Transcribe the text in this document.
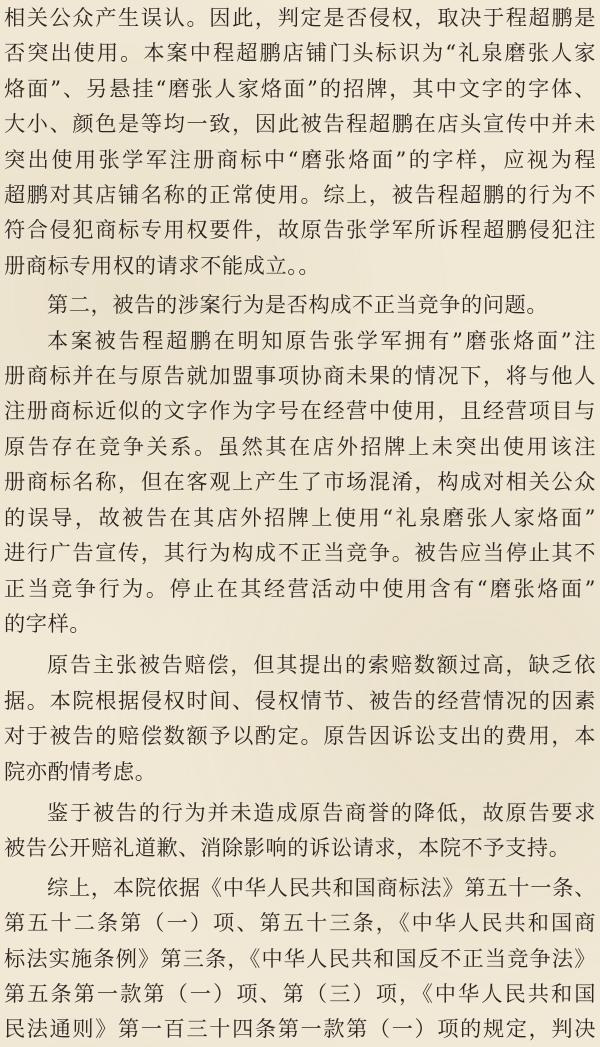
相关公众产生误认。因此，判定是否侵权，取决于程超鹏是

否突出使用。本案中程超鹏店铺门头标识为“礼泉磨张人家

烙面”、另悬挂“磨张人家烙面”的招牌，其中文字的字体、

大小、颜色是等均一致，因此被告程超鹏在店头宣传中并未

突出使用张学军注册商标中“磨张烙面”的字样，应视为程

超鹏对其店铺名称的正常使用。综上，被告程超鹏的行为不

符合侵犯商标专用权要件，故原告张学军所诉程超鹏侵犯注

册商标专用权的请求不能成立。。

第二，被告的涉案行为是否构成不正当竞争的问题。

本案被告程超鹏在明知原告张学军拥有”磨张烙面”注

册商标并在与原告就加盟事项协商未果的情况下，将与他人

注册商标近似的文字作为字号在经营中使用，且经营项目与

原告存在竞争关系。虽然其在店外招牌上未突出使用该注

册商标名称，但在客观上产生了市场混淆，构成对相关公众

的误导，故被告在其店外招牌上使用“礼泉磨张人家烙面”

进行广告宣传，其行为构成不正当竞争。被告应当停止其不

正当竞争行为。停止在其经营活动中使用含有“磨张烙面”

的字样。

原告主张被告赔偿，但其提出的索赔数额过高，缺乏依

据。本院根据侵权时间、侵权情节、被告的经营情况的因素

对于被告的赔偿数额予以酌定。原告因诉讼支出的费用，本

院亦酌情考虑。

鉴于被告的行为并未造成原告商誉的降低，故原告要求

被告公开赔礼道歉、消除影响的诉讼请求，本院不予支持。

综上，本院依据《中华人民共和国商标法》第五十一条、

第五十二条第（一）项、第五十三条，《中华人民共和国商

标法实施条例》第三条，《中华人民共和国反不正当竞争法》

第五条第一款第（一）项、第（三）项，《中华人民共和国

民法通则》第一百三十四条第一款第（一）项的规定，判决
